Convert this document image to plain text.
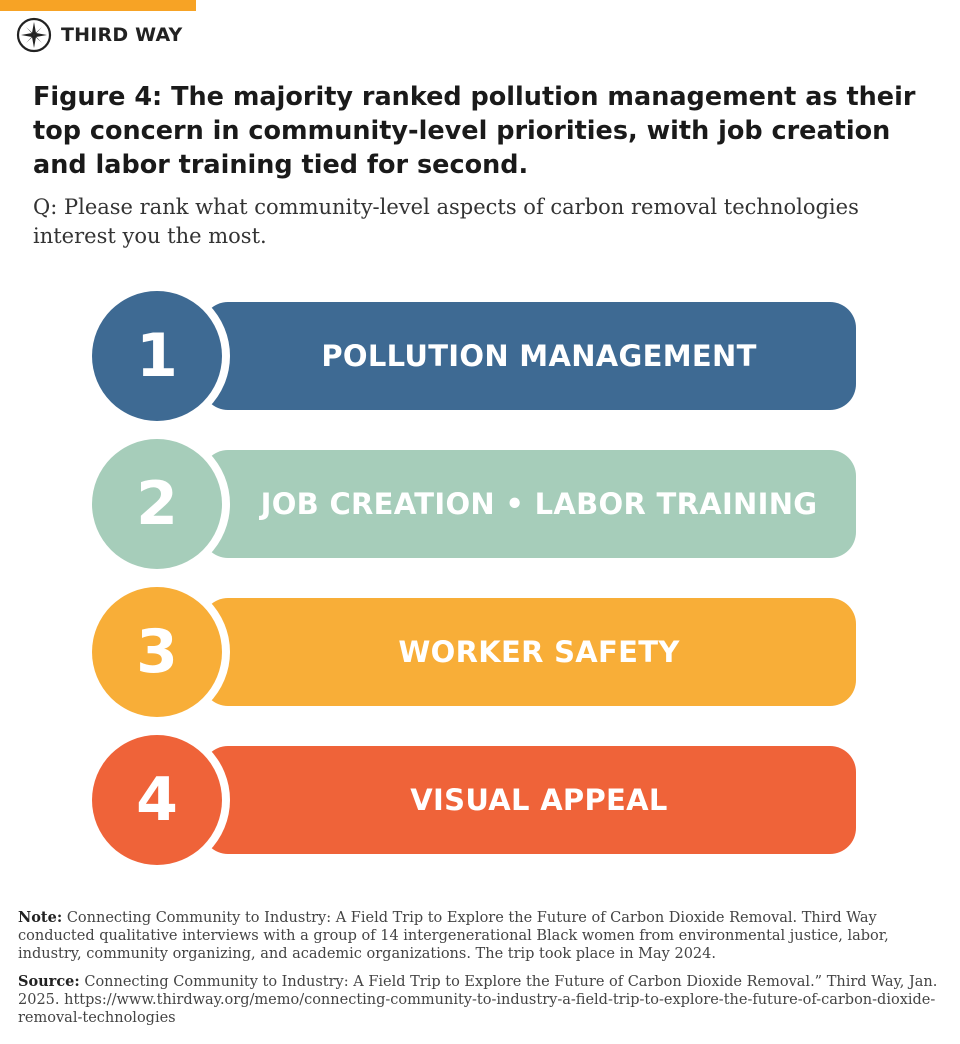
THIRD WAY
Figure 4: The majority ranked pollution management as their top concern in community-level priorities, with job creation and labor training tied for second.

Q: Please rank what community-level aspects of carbon removal technologies interest you the most.

POLLUTION MANAGEMENT
1
JOB CREATION • LABOR TRAINING
2
WORKER SAFETY
3
VISUAL APPEAL
4

Note: Connecting Community to Industry: A Field Trip to Explore the Future of Carbon Dioxide Removal. Third Way conducted qualitative interviews with a group of 14 intergenerational Black women from environmental justice, labor, industry, community organizing, and academic organizations. The trip took place in May 2024.

Source: Connecting Community to Industry: A Field Trip to Explore the Future of Carbon Dioxide Removal.” Third Way, Jan. 2025. https://www.thirdway.org/memo/connecting-community-to-industry-a-field-trip-to-explore-the-future-of-carbon-dioxide-removal-technologies
